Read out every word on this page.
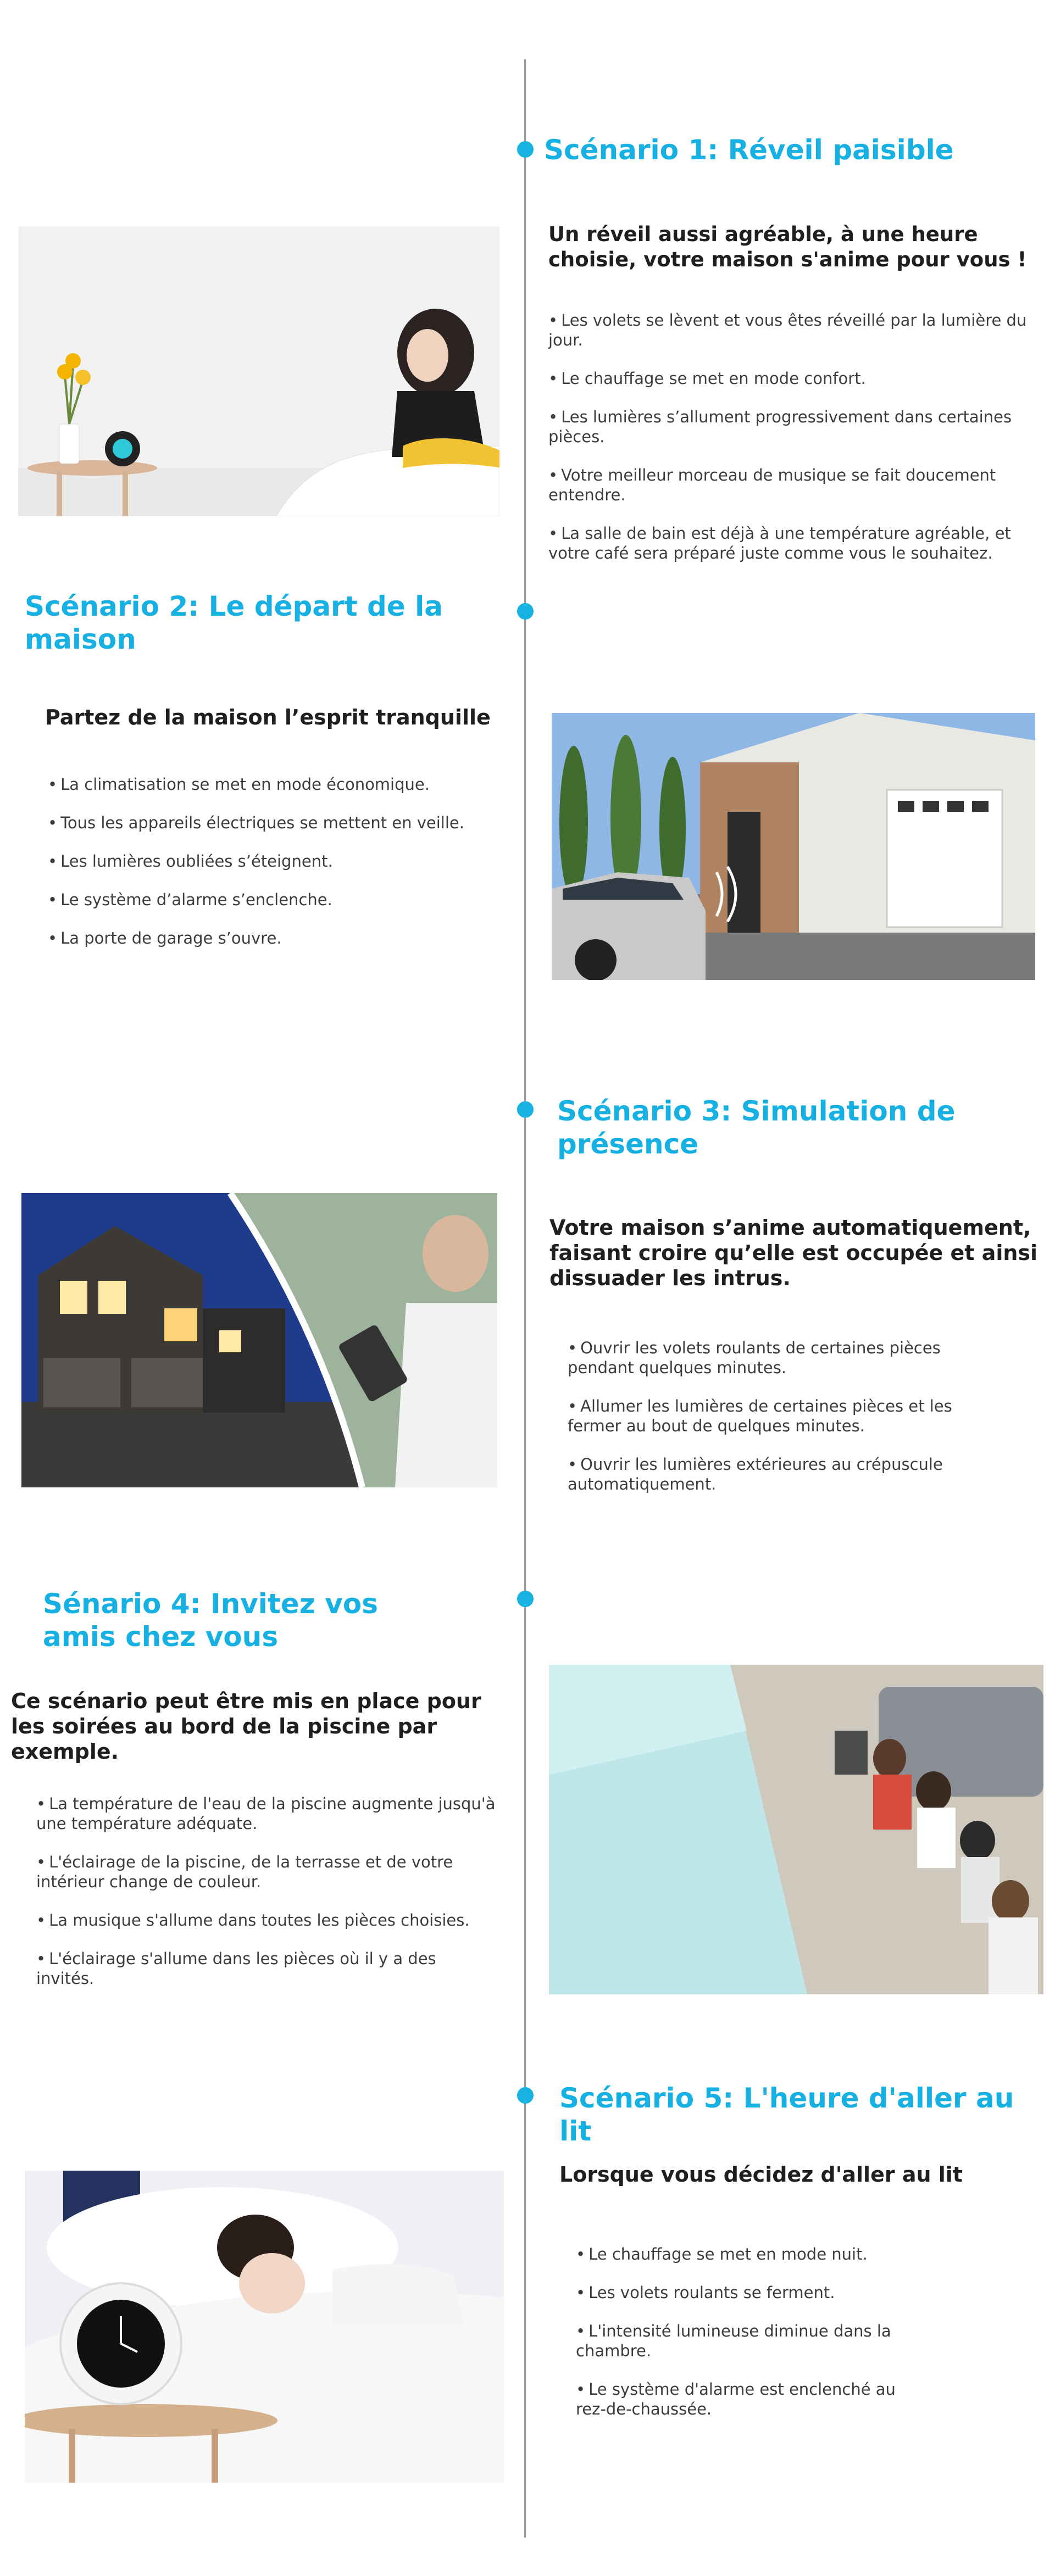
Scénario 1: Réveil paisible
Un réveil aussi agréable, à une heure choisie, votre maison s'anime pour vous !
• Les volets se lèvent et vous êtes réveillé par la lumière du jour.
• Le chauffage se met en mode confort.
• Les lumières s’allument progressivement dans certaines pièces.
• Votre meilleur morceau de musique se fait doucement entendre.
• La salle de bain est déjà à une température agréable, et votre café sera préparé juste comme vous le souhaitez.
Scénario 2: Le départ de la maison
Partez de la maison l’esprit tranquille
• La climatisation se met en mode économique.
• Tous les appareils électriques se mettent en veille.
• Les lumières oubliées s’éteignent.
• Le système d’alarme s’enclenche.
• La porte de garage s’ouvre.
Scénario 3: Simulation de présence
Votre maison s’anime automatiquement, faisant croire qu’elle est occupée et ainsi dissuader les intrus.
• Ouvrir les volets roulants de certaines pièces pendant quelques minutes.
• Allumer les lumières de certaines pièces et les fermer au bout de quelques minutes.
• Ouvrir les lumières extérieures au crépuscule automatiquement.
Sénario 4: Invitez vos amis chez vous
Ce scénario peut être mis en place pour les soirées au bord de la piscine par exemple.
• La température de l'eau de la piscine augmente jusqu'à une température adéquate.
• L'éclairage de la piscine, de la terrasse et de votre intérieur change de couleur.
• La musique s'allume dans toutes les pièces choisies.
• L'éclairage s'allume dans les pièces où il y a des invités.
Scénario 5: L'heure d'aller au lit
Lorsque vous décidez d'aller au lit
• Le chauffage se met en mode nuit.
• Les volets roulants se ferment.
• L'intensité lumineuse diminue dans la chambre.
• Le système d'alarme est enclenché au rez-de-chaussée.
